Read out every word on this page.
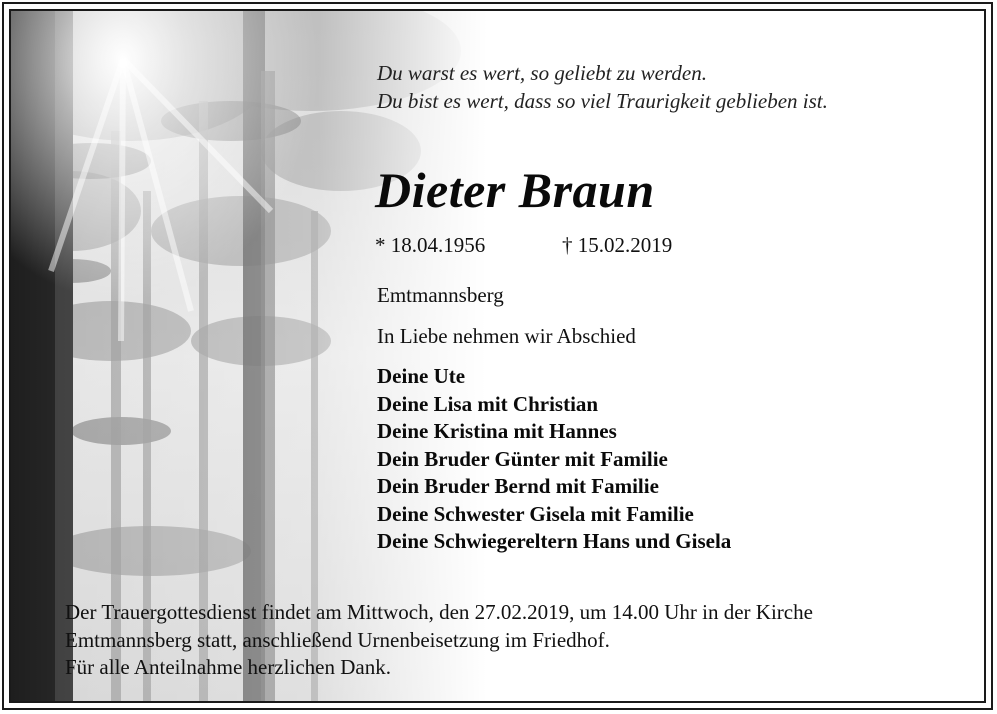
Du warst es wert, so geliebt zu werden.
Du bist es wert, dass so viel Traurigkeit geblieben ist.
Dieter Braun
* 18.04.1956	† 15.02.2019
Emtmannsberg
In Liebe nehmen wir Abschied
Deine Ute
Deine Lisa mit Christian
Deine Kristina mit Hannes
Dein Bruder Günter mit Familie
Dein Bruder Bernd mit Familie
Deine Schwester Gisela mit Familie
Deine Schwiegereltern Hans und Gisela
Der Trauergottesdienst findet am Mittwoch, den 27.02.2019, um 14.00 Uhr in der Kirche
Emtmannsberg statt, anschließend Urnenbeisetzung im Friedhof.
Für alle Anteilnahme herzlichen Dank.
